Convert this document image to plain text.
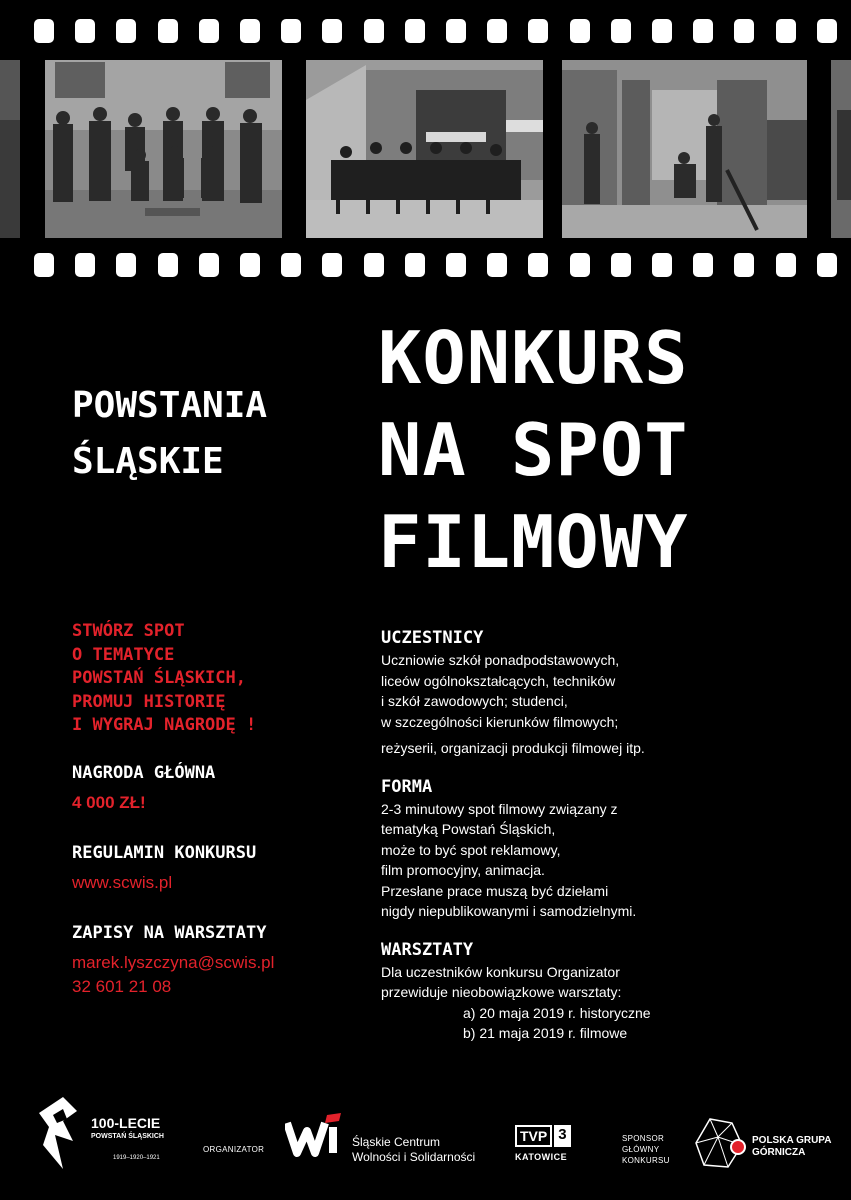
KONKURS
NA SPOT
FILMOWY
POWSTANIA
ŚLĄSKIE
STWÓRZ SPOT
O TEMATYCE
POWSTAŃ ŚLĄSKICH,
PROMUJ HISTORIĘ
I WYGRAJ NAGRODĘ !
NAGRODA GŁÓWNA
4 000 ZŁ!
REGULAMIN KONKURSU
www.scwis.pl
ZAPISY NA WARSZTATY
marek.lyszczyna@scwis.pl
32 601 21 08
UCZESTNICY
Uczniowie szkół ponadpodstawowych,
liceów ogólnokształcących, techników
i szkół zawodowych; studenci,
w szczególności kierunków filmowych;
reżyserii, organizacji produkcji filmowej itp.
FORMA
2-3 minutowy spot filmowy związany z
tematyką Powstań Śląskich,
może to być spot reklamowy,
film promocyjny, animacja.
Przesłane prace muszą być dziełami
nigdy niepublikowanymi i samodzielnymi.
WARSZTATY
Dla uczestników konkursu Organizator
przewiduje nieobowiązkowe warsztaty:
a) 20 maja 2019 r. historyczne
b) 21 maja 2019 r. filmowe
100-LECIE
POWSTAŃ ŚLĄSKICH
1919–1920–1921
ORGANIZATOR
Śląskie Centrum
Wolności i Solidarności
TVP 3
KATOWICE
SPONSOR
GŁÓWNY
KONKURSU
POLSKA GRUPA
GÓRNICZA
